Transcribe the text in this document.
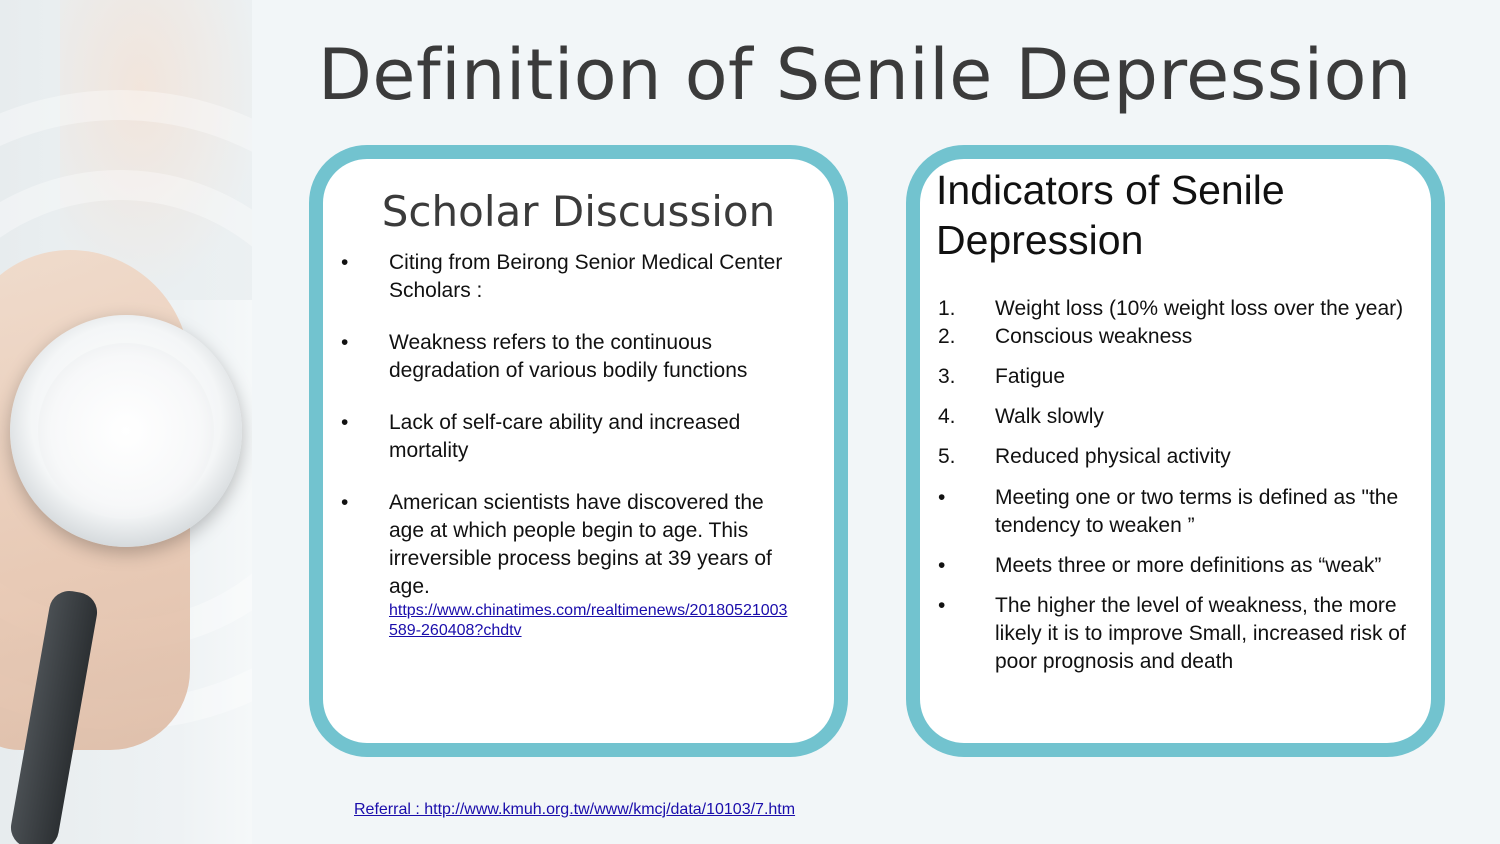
Definition of Senile Depression
Scholar Discussion
• Citing from Beirong Senior Medical Center Scholars :
• Weakness refers to the continuous degradation of various bodily functions
• Lack of self-care ability and increased mortality
• American scientists have discovered the age at which people begin to age. This irreversible process begins at 39 years of age.
https://www.chinatimes.com/realtimenews/20180521003589-260408?chdtv
Indicators of Senile Depression
1. Weight loss (10% weight loss over the year)
2. Conscious weakness
3. Fatigue
4. Walk slowly
5. Reduced physical activity
• Meeting one or two terms is defined as "the tendency to weaken ”
• Meets three or more definitions as “weak”
• The higher the level of weakness, the more likely it is to improve Small, increased risk of poor prognosis and death
Referral : http://www.kmuh.org.tw/www/kmcj/data/10103/7.htm
